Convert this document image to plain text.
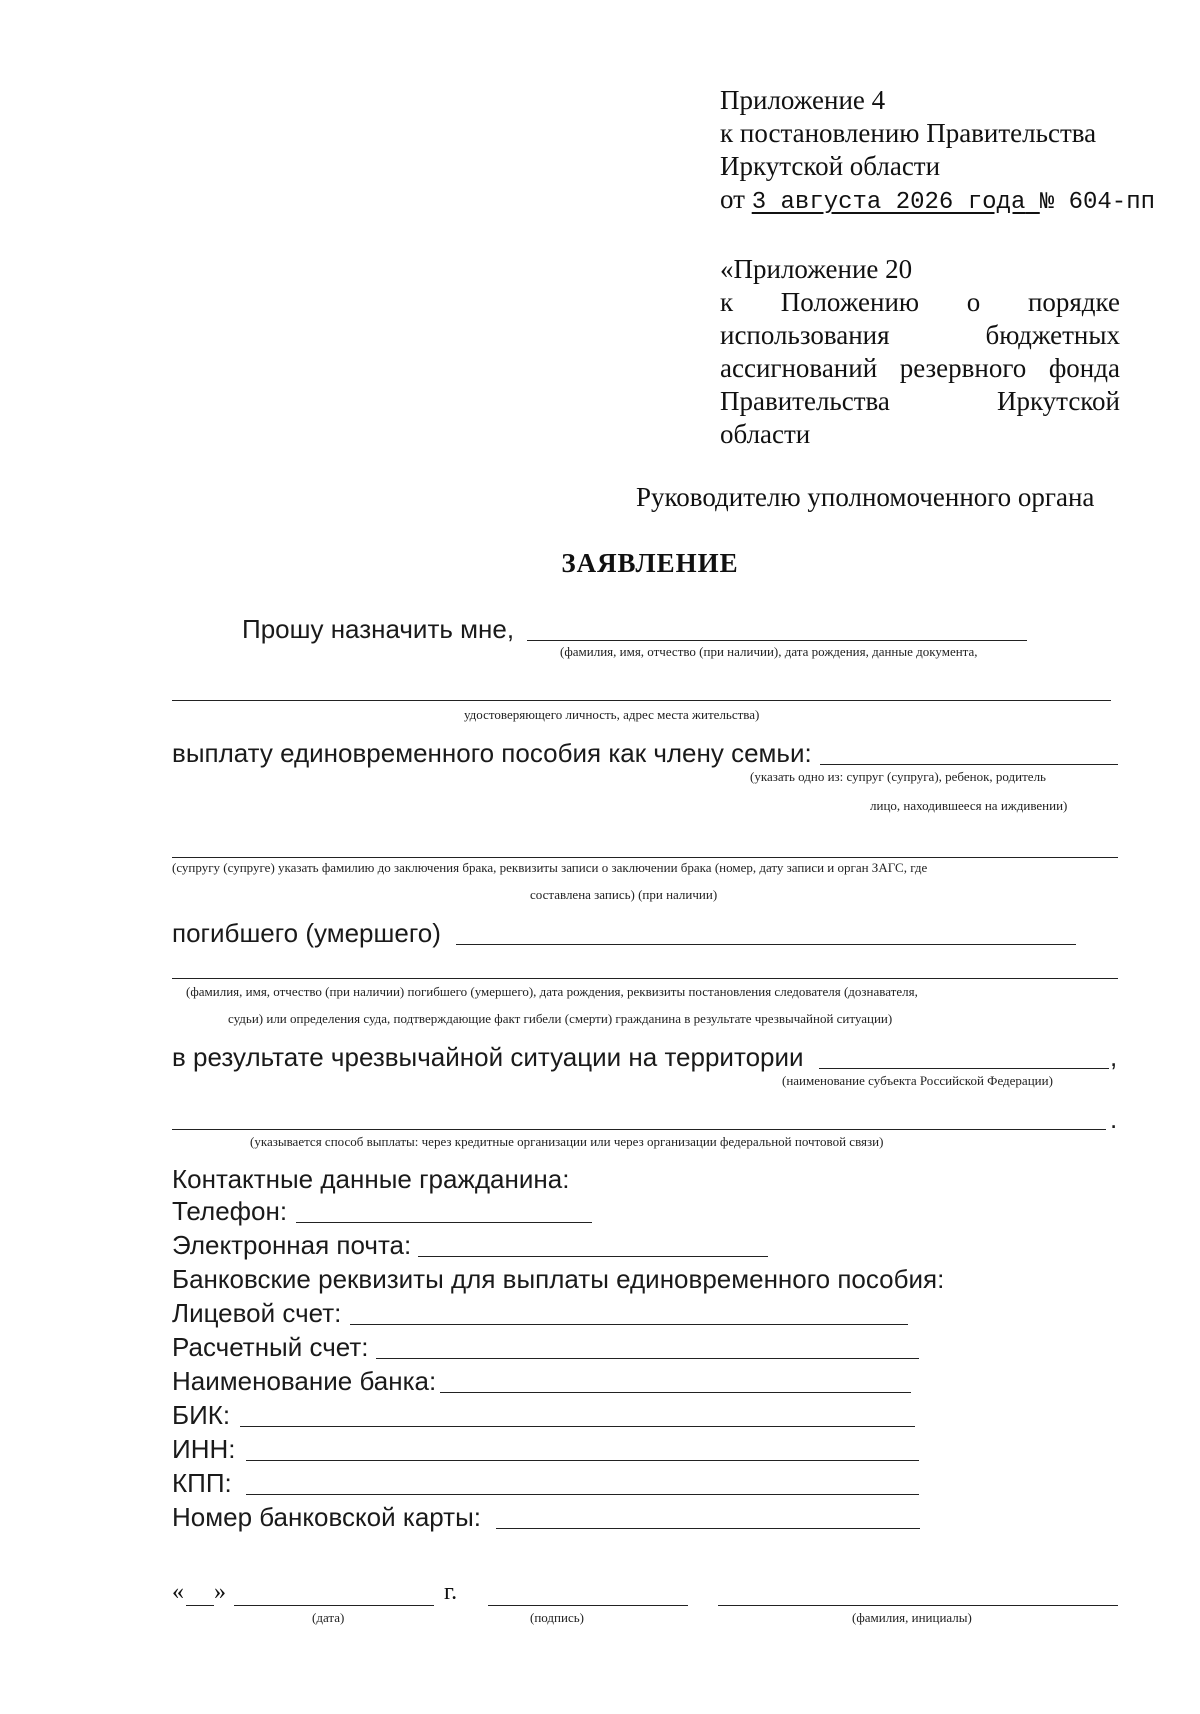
Приложение 4
к постановлению Правительства
Иркутской области
от 3 августа 2026 года № 604-пп
«Приложение 20
к Положению о порядке
использования	бюджетных
ассигнований резервного фонда
Правительства	Иркутской
области
Руководителю уполномоченного органа
ЗАЯВЛЕНИЕ
Прошу назначить мне,
(фамилия, имя, отчество (при наличии), дата рождения, данные документа,
удостоверяющего личность, адрес места жительства)
выплату единовременного пособия как члену семьи:
(указать одно из: супруг (супруга), ребенок, родитель
лицо, находившееся на иждивении)
(супругу (супруге) указать фамилию до заключения брака, реквизиты записи о заключении брака (номер, дату записи и орган ЗАГС, где
составлена запись) (при наличии)
погибшего (умершего)
(фамилия, имя, отчество (при наличии) погибшего (умершего), дата рождения, реквизиты постановления следователя (дознавателя,
судьи) или определения суда, подтверждающие факт гибели (смерти) гражданина в результате чрезвычайной ситуации)
в результате чрезвычайной ситуации на территории	,
(наименование субъекта Российской Федерации)
.
(указывается способ выплаты: через кредитные организации или через организации федеральной почтовой связи)
Контактные данные гражданина:
Телефон:
Электронная почта:
Банковские реквизиты для выплаты единовременного пособия:
Лицевой счет:
Расчетный счет:
Наименование банка:
БИК:
ИНН:
КПП:
Номер банковской карты:
« »	г.
(дата)	(подпись)	(фамилия, инициалы)
